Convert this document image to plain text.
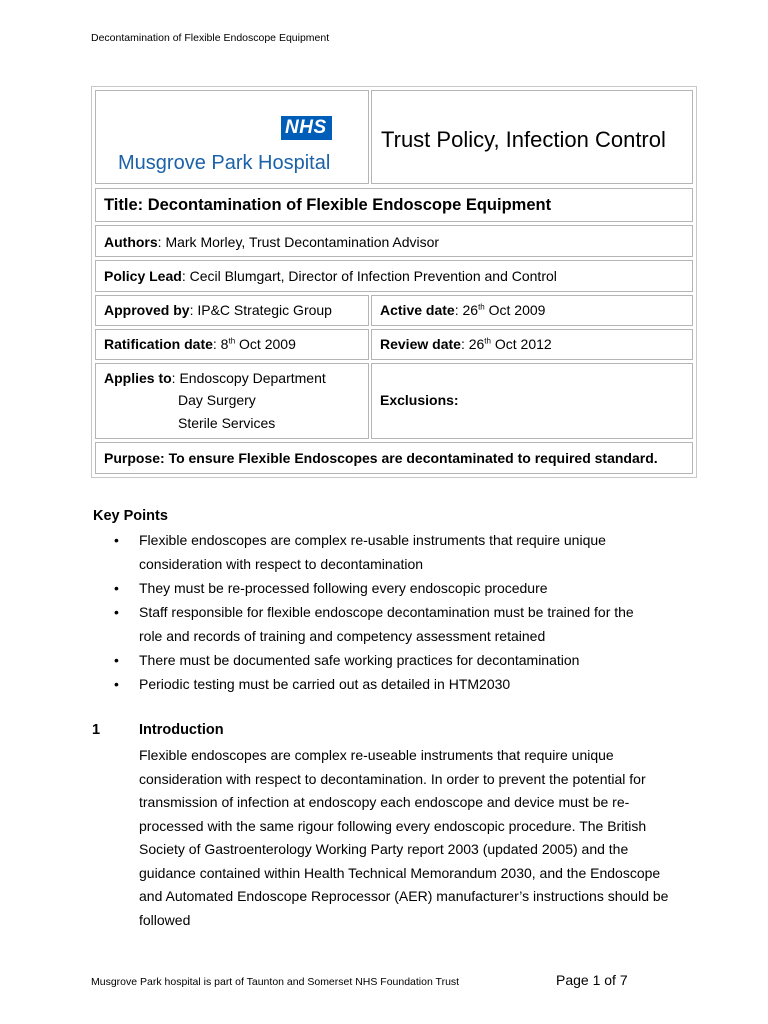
Decontamination of Flexible Endoscope Equipment
NHS
Musgrove Park Hospital
Trust Policy, Infection Control
Title: Decontamination of Flexible Endoscope Equipment
Authors: Mark Morley, Trust Decontamination Advisor
Policy Lead: Cecil Blumgart, Director of Infection Prevention and Control
Approved by: IP&C Strategic Group	Active date: 26th Oct 2009
Ratification date: 8th Oct 2009	Review date: 26th Oct 2012
Applies to: Endoscopy Department
Day Surgery
Sterile Services
Exclusions:
Purpose: To ensure Flexible Endoscopes are decontaminated to required standard.
Key Points
• Flexible endoscopes are complex re-usable instruments that require unique consideration with respect to decontamination
• They must be re-processed following every endoscopic procedure
• Staff responsible for flexible endoscope decontamination must be trained for the role and records of training and competency assessment retained
• There must be documented safe working practices for decontamination
• Periodic testing must be carried out as detailed in HTM2030
1	Introduction

Flexible endoscopes are complex re-useable instruments that require unique consideration with respect to decontamination. In order to prevent the potential for transmission of infection at endoscopy each endoscope and device must be re-processed with the same rigour following every endoscopic procedure. The British Society of Gastroenterology Working Party report 2003 (updated 2005) and the guidance contained within Health Technical Memorandum 2030, and the Endoscope and Automated Endoscope Reprocessor (AER) manufacturer’s instructions should be followed

Musgrove Park hospital is part of Taunton and Somerset NHS Foundation Trust	Page 1 of 7
